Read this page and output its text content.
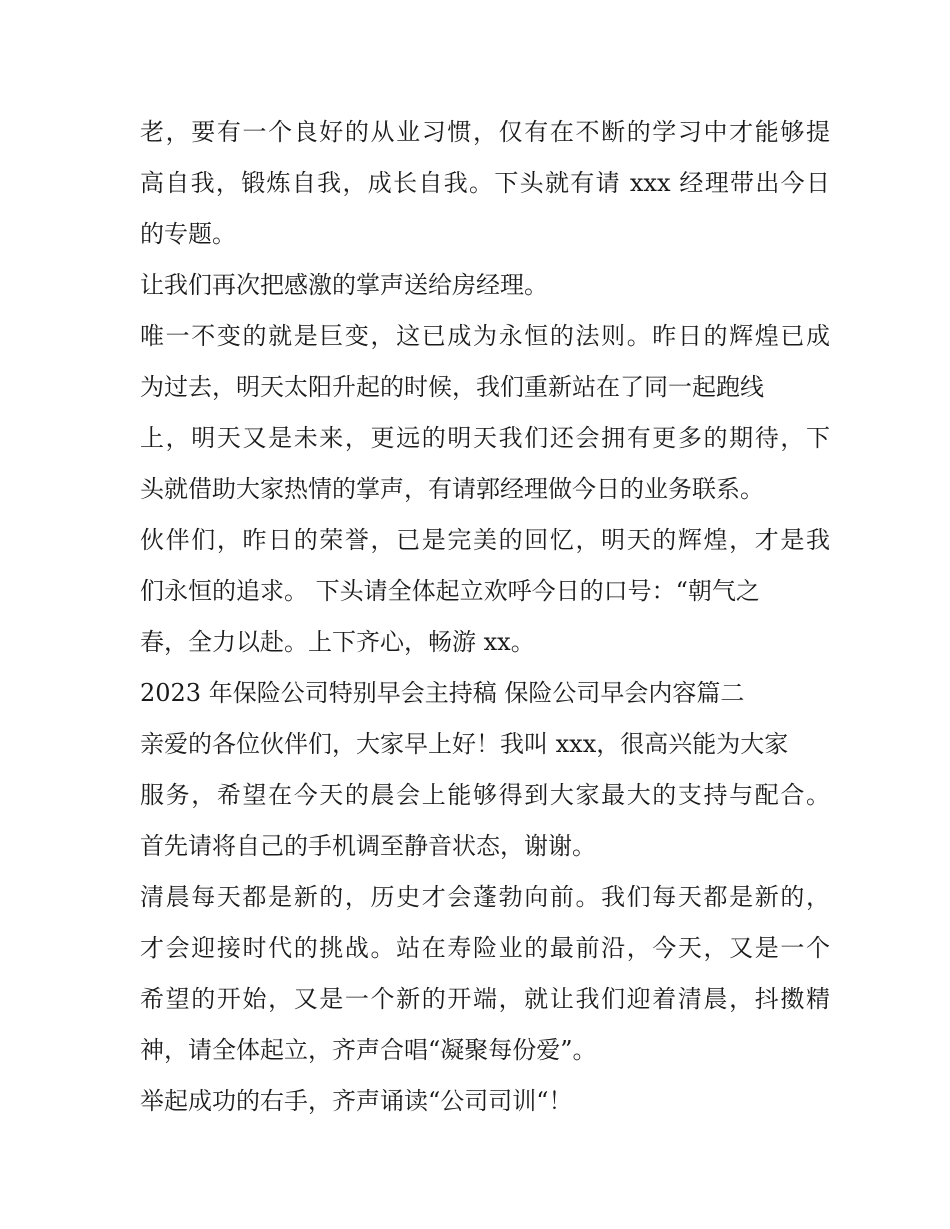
老，要有一个良好的从业习惯，仅有在不断的学习中才能够提
高自我，锻炼自我，成长自我。下头就有请 xxx 经理带出今日
的专题。
让我们再次把感激的掌声送给房经理。
唯一不变的就是巨变，这已成为永恒的法则。昨日的辉煌已成
为过去，明天太阳升起的时候，我们重新站在了同一起跑线
上，明天又是未来，更远的明天我们还会拥有更多的期待，下
头就借助大家热情的掌声，有请郭经理做今日的业务联系。
伙伴们，昨日的荣誉，已是完美的回忆，明天的辉煌，才是我
们永恒的追求。 下头请全体起立欢呼今日的口号：“朝气之
春，全力以赴。上下齐心，畅游 xx。
2023 年保险公司特别早会主持稿 保险公司早会内容篇二
亲爱的各位伙伴们，大家早上好！我叫 xxx，很高兴能为大家
服务，希望在今天的晨会上能够得到大家最大的支持与配合。
首先请将自己的手机调至静音状态，谢谢。
清晨每天都是新的，历史才会蓬勃向前。我们每天都是新的，
才会迎接时代的挑战。站在寿险业的最前沿，今天，又是一个
希望的开始，又是一个新的开端，就让我们迎着清晨，抖擞精
神，请全体起立，齐声合唱“凝聚每份爱”。
举起成功的右手，齐声诵读“公司司训“！
